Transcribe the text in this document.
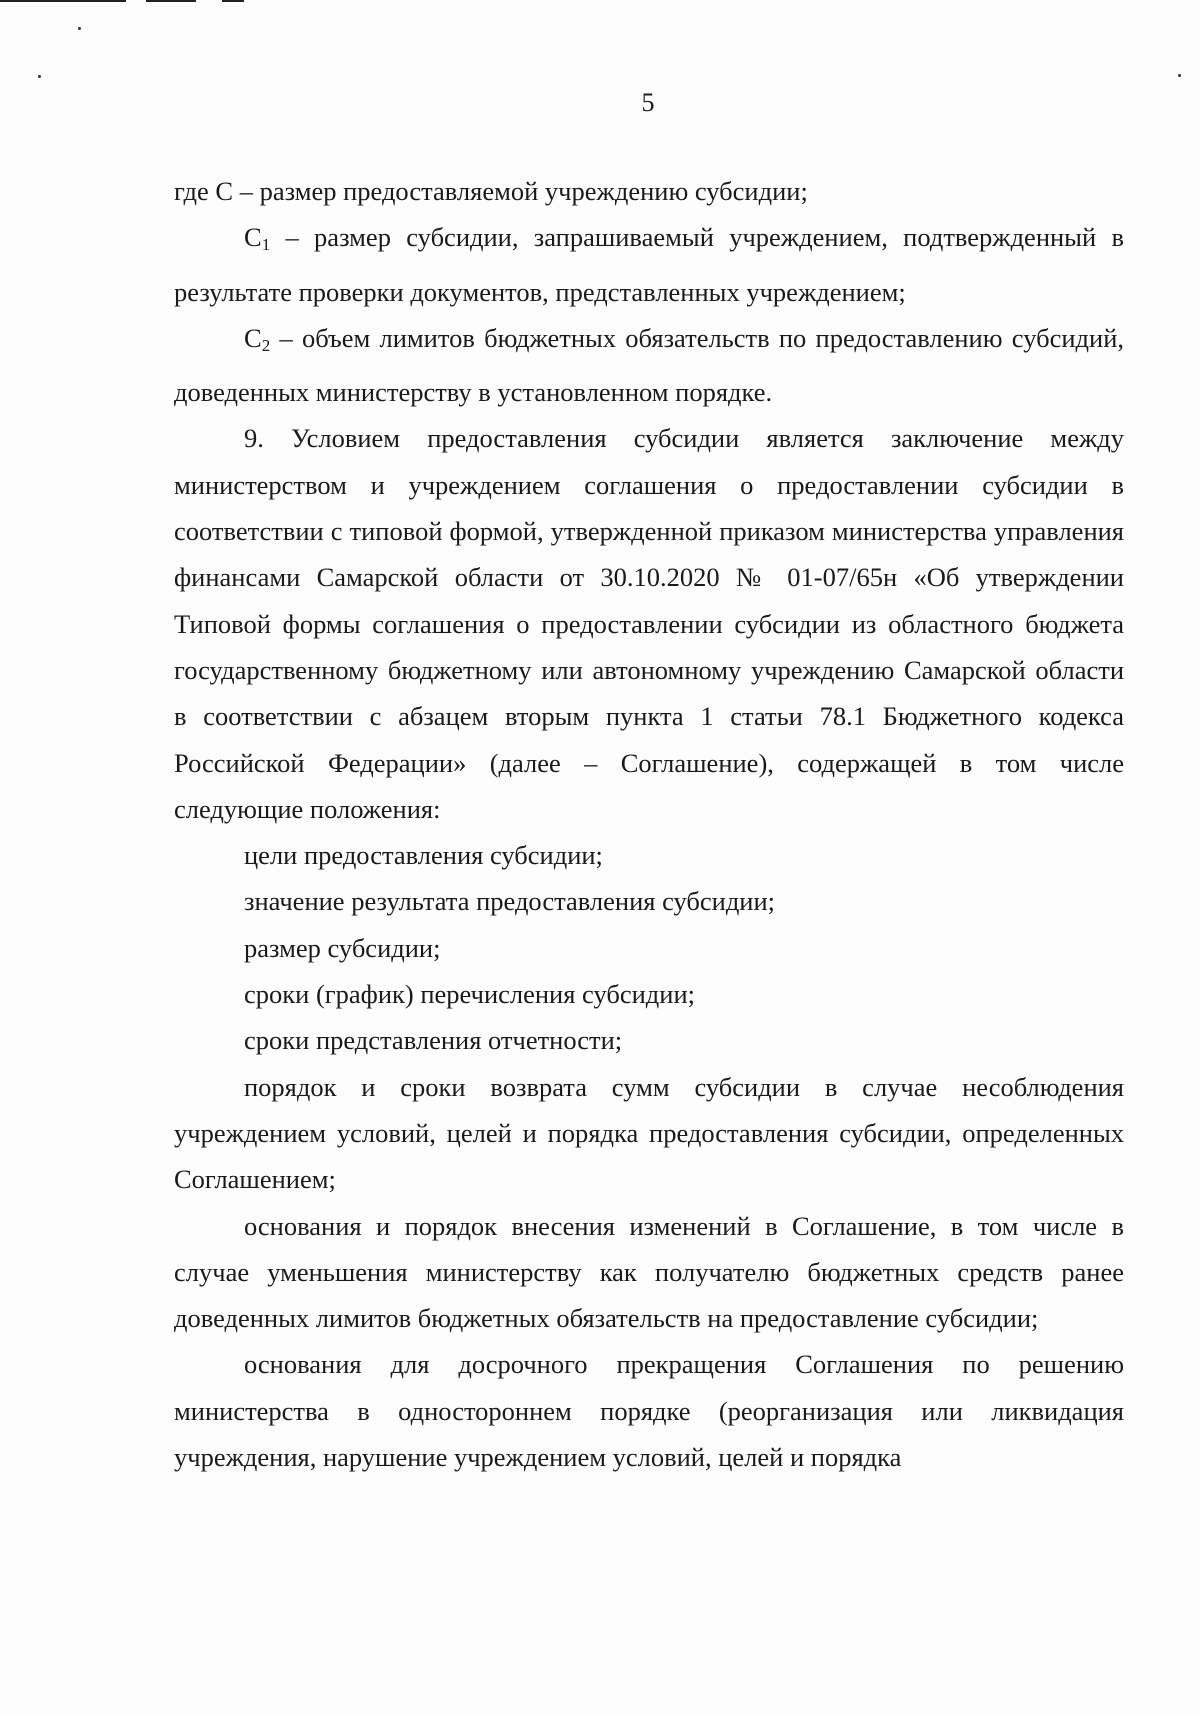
5

где С – размер предоставляемой учреждению субсидии;

$С_1$ – размер субсидии, запрашиваемый учреждением, подтвержденный в результате проверки документов, представленных учреждением;

$С_2$ – объем лимитов бюджетных обязательств по предоставлению субсидий, доведенных министерству в установленном порядке.

9. Условием предоставления субсидии является заключение между министерством и учреждением соглашения о предоставлении субсидии в соответствии с типовой формой, утвержденной приказом министерства управления финансами Самарской области от 30.10.2020 № 01-07/65н «Об утверждении Типовой формы соглашения о предоставлении субсидии из областного бюджета государственному бюджетному или автономному учреждению Самарской области в соответствии с абзацем вторым пункта 1 статьи 78.1 Бюджетного кодекса Российской Федерации» (далее – Соглашение), содержащей в том числе следующие положения:

цели предоставления субсидии;

значение результата предоставления субсидии;

размер субсидии;

сроки (график) перечисления субсидии;

сроки представления отчетности;

порядок и сроки возврата сумм субсидии в случае несоблюдения учреждением условий, целей и порядка предоставления субсидии, определенных Соглашением;

основания и порядок внесения изменений в Соглашение, в том числе в случае уменьшения министерству как получателю бюджетных средств ранее доведенных лимитов бюджетных обязательств на предоставление субсидии;

основания для досрочного прекращения Соглашения по решению министерства в одностороннем порядке (реорганизация или ликвидация учреждения, нарушение учреждением условий, целей и порядка
